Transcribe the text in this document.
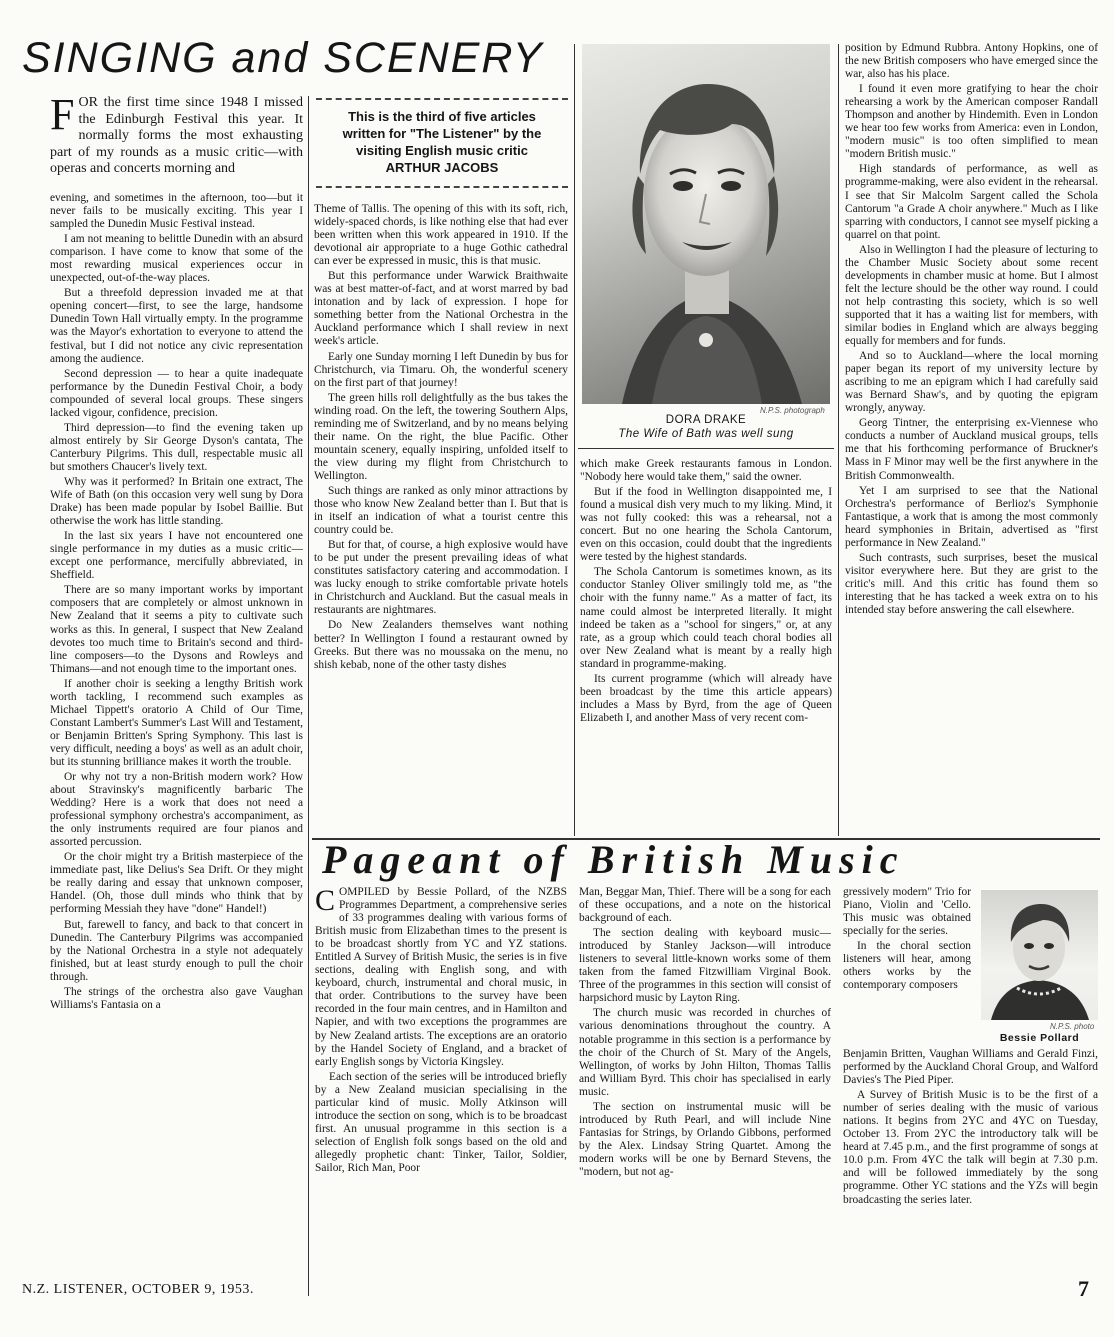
SINGING and SCENERY
FOR the first time since 1948 I missed the Edinburgh Festival this year. It normally forms the most exhausting part of my rounds as a music critic—with operas and concerts morning and
This is the third of five articles
written for "The Listener" by the
visiting English music critic
ARTHUR JACOBS

evening, and sometimes in the afternoon, too—but it never fails to be musically exciting. This year I sampled the Dunedin Music Festival instead.

I am not meaning to belittle Dunedin with an absurd comparison. I have come to know that some of the most rewarding musical experiences occur in unexpected, out-of-the-way places.

But a threefold depression invaded me at that opening concert—first, to see the large, handsome Dunedin Town Hall virtually empty. In the programme was the Mayor's exhortation to everyone to attend the festival, but I did not notice any civic representation among the audience.

Second depression — to hear a quite inadequate performance by the Dunedin Festival Choir, a body compounded of several local groups. These singers lacked vigour, confidence, precision.

Third depression—to find the evening taken up almost entirely by Sir George Dyson's cantata, The Canterbury Pilgrims. This dull, respectable music all but smothers Chaucer's lively text.

Why was it performed? In Britain one extract, The Wife of Bath (on this occasion very well sung by Dora Drake) has been made popular by Isobel Baillie. But otherwise the work has little standing.

In the last six years I have not encountered one single performance in my duties as a music critic—except one performance, mercifully abbreviated, in Sheffield.

There are so many important works by important composers that are completely or almost unknown in New Zealand that it seems a pity to cultivate such works as this. In general, I suspect that New Zealand devotes too much time to Britain's second and third-line composers—to the Dysons and Rowleys and Thimans—and not enough time to the important ones.

If another choir is seeking a lengthy British work worth tackling, I recommend such examples as Michael Tippett's oratorio A Child of Our Time, Constant Lambert's Summer's Last Will and Testament, or Benjamin Britten's Spring Symphony. This last is very difficult, needing a boys' as well as an adult choir, but its stunning brilliance makes it worth the trouble.

Or why not try a non-British modern work? How about Stravinsky's magnificently barbaric The Wedding? Here is a work that does not need a professional symphony orchestra's accompaniment, as the only instruments required are four pianos and assorted percussion.

Or the choir might try a British masterpiece of the immediate past, like Delius's Sea Drift. Or they might be really daring and essay that unknown composer, Handel. (Oh, those dull minds who think that by performing Messiah they have "done" Handel!)

But, farewell to fancy, and back to that concert in Dunedin. The Canterbury Pilgrims was accompanied by the National Orchestra in a style not adequately finished, but at least sturdy enough to pull the choir through.

The strings of the orchestra also gave Vaughan Williams's Fantasia on a

Theme of Tallis. The opening of this with its soft, rich, widely-spaced chords, is like nothing else that had ever been written when this work appeared in 1910. If the devotional air appropriate to a huge Gothic cathedral can ever be expressed in music, this is that music.

But this performance under Warwick Braithwaite was at best matter-of-fact, and at worst marred by bad intonation and by lack of expression. I hope for something better from the National Orchestra in the Auckland performance which I shall review in next week's article.

Early one Sunday morning I left Dunedin by bus for Christchurch, via Timaru. Oh, the wonderful scenery on the first part of that journey!

The green hills roll delightfully as the bus takes the winding road. On the left, the towering Southern Alps, reminding me of Switzerland, and by no means belying their name. On the right, the blue Pacific. Other mountain scenery, equally inspiring, unfolded itself to the view during my flight from Christchurch to Wellington.

Such things are ranked as only minor attractions by those who know New Zealand better than I. But that is in itself an indication of what a tourist centre this country could be.

But for that, of course, a high explosive would have to be put under the present prevailing ideas of what constitutes satisfactory catering and accommodation. I was lucky enough to strike comfortable private hotels in Christchurch and Auckland. But the casual meals in restaurants are nightmares.

Do New Zealanders themselves want nothing better? In Wellington I found a restaurant owned by Greeks. But there was no moussaka on the menu, no shish kebab, none of the other tasty dishes

N.P.S. photograph
DORA DRAKE
The Wife of Bath was well sung

which make Greek restaurants famous in London. "Nobody here would take them," said the owner.

But if the food in Wellington disappointed me, I found a musical dish very much to my liking. Mind, it was not fully cooked: this was a rehearsal, not a concert. But no one hearing the Schola Cantorum, even on this occasion, could doubt that the ingredients were tested by the highest standards.

The Schola Cantorum is sometimes known, as its conductor Stanley Oliver smilingly told me, as "the choir with the funny name." As a matter of fact, its name could almost be interpreted literally. It might indeed be taken as a "school for singers," or, at any rate, as a group which could teach choral bodies all over New Zealand what is meant by a really high standard in programme-making.

Its current programme (which will already have been broadcast by the time this article appears) includes a Mass by Byrd, from the age of Queen Elizabeth I, and another Mass of very recent com-

position by Edmund Rubbra. Antony Hopkins, one of the new British composers who have emerged since the war, also has his place.

I found it even more gratifying to hear the choir rehearsing a work by the American composer Randall Thompson and another by Hindemith. Even in London we hear too few works from America: even in London, "modern music" is too often simplified to mean "modern British music."

High standards of performance, as well as programme-making, were also evident in the rehearsal. I see that Sir Malcolm Sargent called the Schola Cantorum "a Grade A choir anywhere." Much as I like sparring with conductors, I cannot see myself picking a quarrel on that point.

Also in Wellington I had the pleasure of lecturing to the Chamber Music Society about some recent developments in chamber music at home. But I almost felt the lecture should be the other way round. I could not help contrasting this society, which is so well supported that it has a waiting list for members, with similar bodies in England which are always begging equally for members and for funds.

And so to Auckland—where the local morning paper began its report of my university lecture by ascribing to me an epigram which I had carefully said was Bernard Shaw's, and by quoting the epigram wrongly, anyway.

Georg Tintner, the enterprising ex-Viennese who conducts a number of Auckland musical groups, tells me that his forthcoming performance of Bruckner's Mass in F Minor may well be the first anywhere in the British Commonwealth.

Yet I am surprised to see that the National Orchestra's performance of Berlioz's Symphonie Fantastique, a work that is among the most commonly heard symphonies in Britain, advertised as "first performance in New Zealand."

Such contrasts, such surprises, beset the musical visitor everywhere here. But they are grist to the critic's mill. And this critic has found them so interesting that he has tacked a week extra on to his intended stay before answering the call elsewhere.

Pageant of British Music
C OMPILED by Bessie Pollard, of the NZBS Programmes Department, a comprehensive series of 33 programmes dealing with various forms of British music from Elizabethan times to the present is to be broadcast shortly from YC and YZ stations. Entitled A Survey of British Music, the series is in five sections, dealing with English song, and with keyboard, church, instrumental and choral music, in that order. Contributions to the survey have been recorded in the four main centres, and in Hamilton and Napier, and with two exceptions the programmes are by New Zealand artists. The exceptions are an oratorio by the Handel Society of England, and a bracket of early English songs by Victoria Kingsley.

Each section of the series will be introduced briefly by a New Zealand musician specialising in the particular kind of music. Molly Atkinson will introduce the section on song, which is to be broadcast first. An unusual programme in this section is a selection of English folk songs based on the old and allegedly prophetic chant: Tinker, Tailor, Soldier, Sailor, Rich Man, Poor

Man, Beggar Man, Thief. There will be a song for each of these occupations, and a note on the historical background of each.

The section dealing with keyboard music—introduced by Stanley Jackson—will introduce listeners to several little-known works some of them taken from the famed Fitzwilliam Virginal Book. Three of the programmes in this section will consist of harpsichord music by Layton Ring.

The church music was recorded in churches of various denominations throughout the country. A notable programme in this section is a performance by the choir of the Church of St. Mary of the Angels, Wellington, of works by John Hilton, Thomas Tallis and William Byrd. This choir has specialised in early music.

The section on instrumental music will be introduced by Ruth Pearl, and will include Nine Fantasias for Strings, by Orlando Gibbons, performed by the Alex. Lindsay String Quartet. Among the modern works will be one by Bernard Stevens, the "modern, but not ag-

gressively modern" Trio for Piano, Violin and 'Cello. This music was obtained specially for the series.

In the choral section listeners will hear, among others works by the contemporary composers

Benjamin Britten, Vaughan Williams and Gerald Finzi, performed by the Auckland Choral Group, and Walford Davies's The Pied Piper.

A Survey of British Music is to be the first of a number of series dealing with the music of various nations. It begins from 2YC and 4YC on Tuesday, October 13. From 2YC the introductory talk will be heard at 7.45 p.m., and the first programme of songs at 10.0 p.m. From 4YC the talk will begin at 7.30 p.m. and will be followed immediately by the song programme. Other YC stations and the YZs will begin broadcasting the series later.

N.P.S. photo
Bessie Pollard
N.Z. LISTENER, OCTOBER 9, 1953.	7
